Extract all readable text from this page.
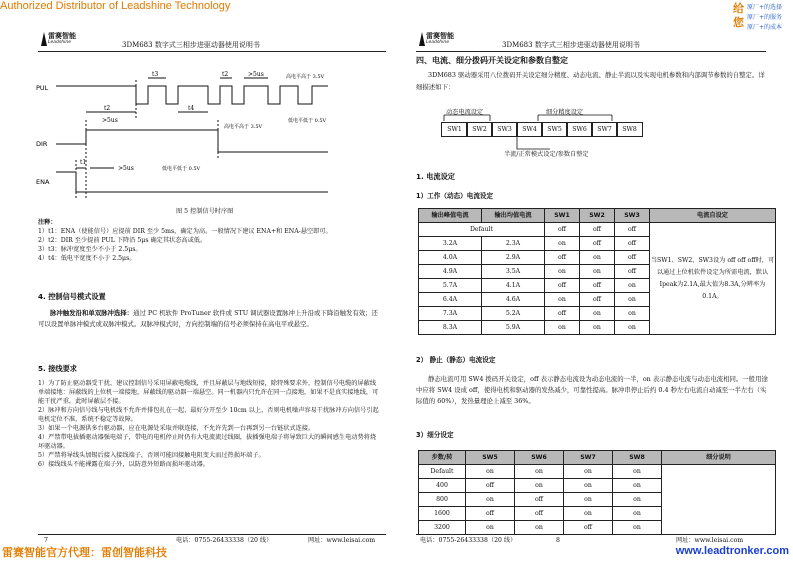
Authorized Distributor of Leadshine Technology	给
您
原厂+的选择
原厂+的服务
原厂+的成本
雷赛智能
Leadshine	3DM683 数字式三相步进驱动器使用说明书
PUL
DIR
ENA
t3	t2	>5us	高电平高于 3.5V
t2
>5us
t4
低电平低于 0.5V
高电平高于 3.5V
低电平低于 0.5V
t1
>5us
图 5 控制信号时序图
注释：
1）t1：ENA（使能信号）应提前 DIR 至少 5ms，确定为高。一般情况下建议 ENA+和 ENA-悬空即可。
2）t2：DIR 至少提前 PUL 下降沿 5μs 确定其状态高或低。
3）t3：脉冲宽度至少不小于 2.5μs。
4）t4：低电平宽度不小于 2.5μs。
4. 控制信号模式设置
脉冲触发沿和单双脉冲选择：通过 PC 机软件 ProTuner 软件或 STU 调试器设置脉冲上升沿或下降沿触发有效；还可以设置单脉冲模式或双脉冲模式。双脉冲模式时，方向控制端的信号必须保持在高电平或悬空。
5. 接线要求
1）为了防止驱动器受干扰，建议控制信号采用屏蔽电缆线，并且屏蔽层与地线短接，除特殊要求外，控制信号电缆的屏蔽线单端接地：屏蔽线的上位机一端接地，屏蔽线的驱动器一端悬空。同一机器内只允许在同一点接地，如果不是真实接地线，可能干扰严重，此时屏蔽层不接。
2）脉冲和方向信号线与电机线不允许并排包扎在一起，最好分开至少 10cm 以上，否则电机噪声容易干扰脉冲方向信号引起电机定位不准，系统不稳定等故障。
3）如果一个电源供多台驱动器，应在电源处采取并联连接，不允许先到一台再到另一台链状式连接。
4）严禁带电拔插驱动器强电端子，带电的电机停止时仍有大电流流过线圈，拔插强电端子将导致巨大的瞬间感生电动势将烧坏驱动器。
5）严禁将导线头加锡后接入接线端子，否则可能因接触电阻变大而过热损坏端子。
6）接线线头不能裸露在端子外，以防意外短路而损坏驱动器。
7	电话：0755-26433338（20 线）	网址：www.leisai.com
雷赛智能
Leadshine	3DM683 数字式三相步进驱动器使用说明书
四、电流、细分拨码开关设定和参数自整定
3DM683 驱动器采用八位拨码开关设定细分精度、动态电流、静止半流以及实现电机参数和内部调节参数的自整定。详细描述如下：
动态电流设定	细分精度设定
SW1	SW2	SW3	SW4	SW5	SW6	SW7	SW8
半流/正常模式设定/参数自整定
1. 电流设定
1）工作（动态）电流设定
输出峰值电流	输出均值电流	SW1	SW2	SW3	电流自设定
Default		off	off	off	当SW1、SW2、SW3设为 off off off时，可以通过上位机软件设定为所需电流，默认Ipeak为2.1A,最大值为8.3A,分辨率为 0.1A。
3.2A	2.3A	on	off	off	
4.0A	2.9A	off	on	off	
4.9A	3.5A	on	on	off	
5.7A	4.1A	off	off	on	
6.4A	4.6A	on	off	on	
7.3A	5.2A	off	on	on	
8.3A	5.9A	on	on	on	
2） 静止（静态）电流设定
静态电流可用 SW4 拨码开关设定，off 表示静态电流设为动态电流的一半，on 表示静态电流与动态电流相同。一般用途中应将 SW4 设成 off，使得电机和驱动器的发热减少，可靠性提高。脉冲串停止后约 0.4 秒左右电流自动减至一半左右（实际值的 60%），发热量理论上减至 36%。
3）细分设定
步数/转	SW5	SW6	SW7	SW8	细分说明
Default	on	on	on	on	
400	off	on	on	on	
800	on	off	on	on	
1600	off	off	on	on	
3200	on	on	off	on	
电话：0755-26433338（20 线）	8	网址：www.leisai.com
雷赛智能官方代理：雷创智能科技	www.leadtronker.com
